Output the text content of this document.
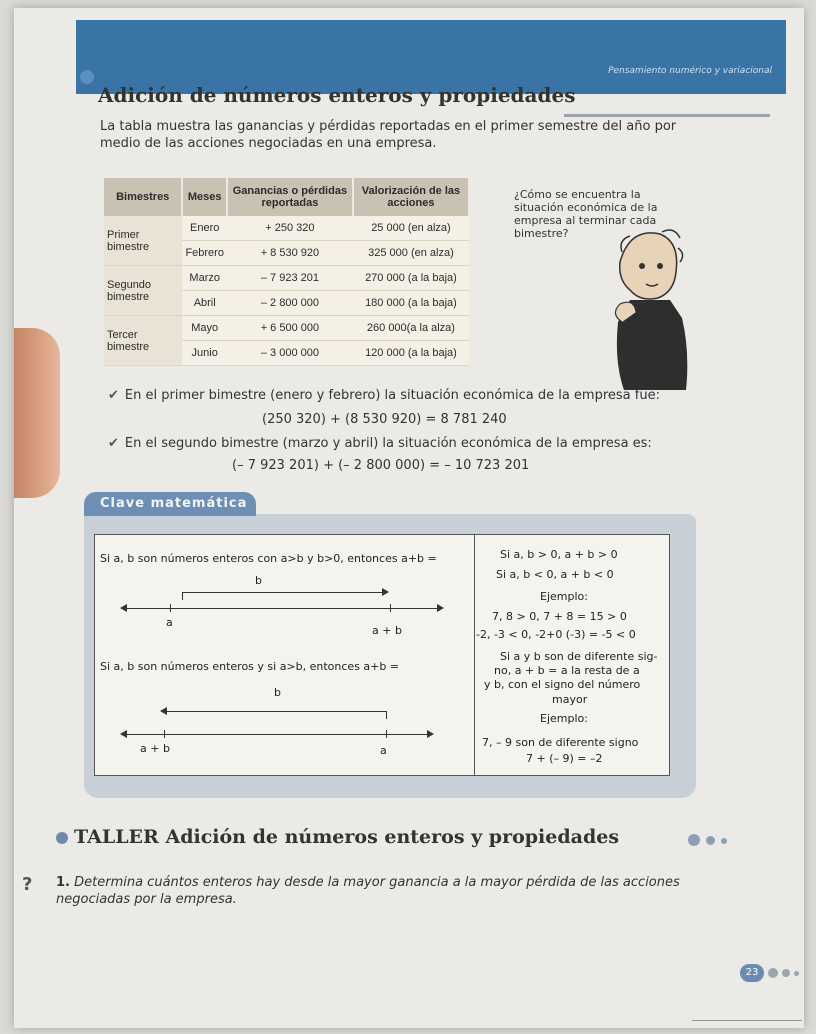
Pensamiento numérico y variacional
Adición de números enteros y propiedades
La tabla muestra las ganancias y pérdidas reportadas en el primer semestre del año por medio de las acciones negociadas en una empresa.
Bimestres	Meses	Ganancias o pérdidas reportadas	Valorización de las acciones
Primer bimestre	Enero	+ 250 320	25 000 (en alza)
	Febrero	+ 8 530 920	325 000 (en alza)
Segundo bimestre	Marzo	– 7 923 201	270 000 (a la baja)
	Abril	– 2 800 000	180 000 (a la baja)
Tercer bimestre	Mayo	+ 6 500 000	260 000(a la alza)
	Junio	– 3 000 000	120 000 (a la baja)
¿Cómo se encuentra la situación económica de la empresa al terminar cada bimestre?
✔ En el primer bimestre (enero y febrero) la situación económica de la empresa fue:
(250 320) + (8 530 920) = 8 781 240
✔ En el segundo bimestre (marzo y abril) la situación económica de la empresa es:
(– 7 923 201) + (– 2 800 000) = – 10 723 201
Clave matemática
Si a, b son números enteros con a>b y b>0, entonces a+b =
b
a
a + b
Si a, b son números enteros y si a>b, entonces a+b =
b
a + b	a
Si a, b > 0, a + b > 0
Si a, b < 0, a + b < 0
Ejemplo:
7, 8 > 0, 7 + 8 = 15 > 0
-2, -3 < 0, -2+0 (-3) = -5 < 0
Si a y b son de diferente sig-
no, a + b = a la resta de a
y b, con el signo del número
mayor
Ejemplo:
7, – 9 son de diferente signo
7 + (– 9) = –2
TALLER Adición de números enteros y propiedades
? 1. Determina cuántos enteros hay desde la mayor ganancia a la mayor pérdida de las acciones negociadas por la empresa.
23
